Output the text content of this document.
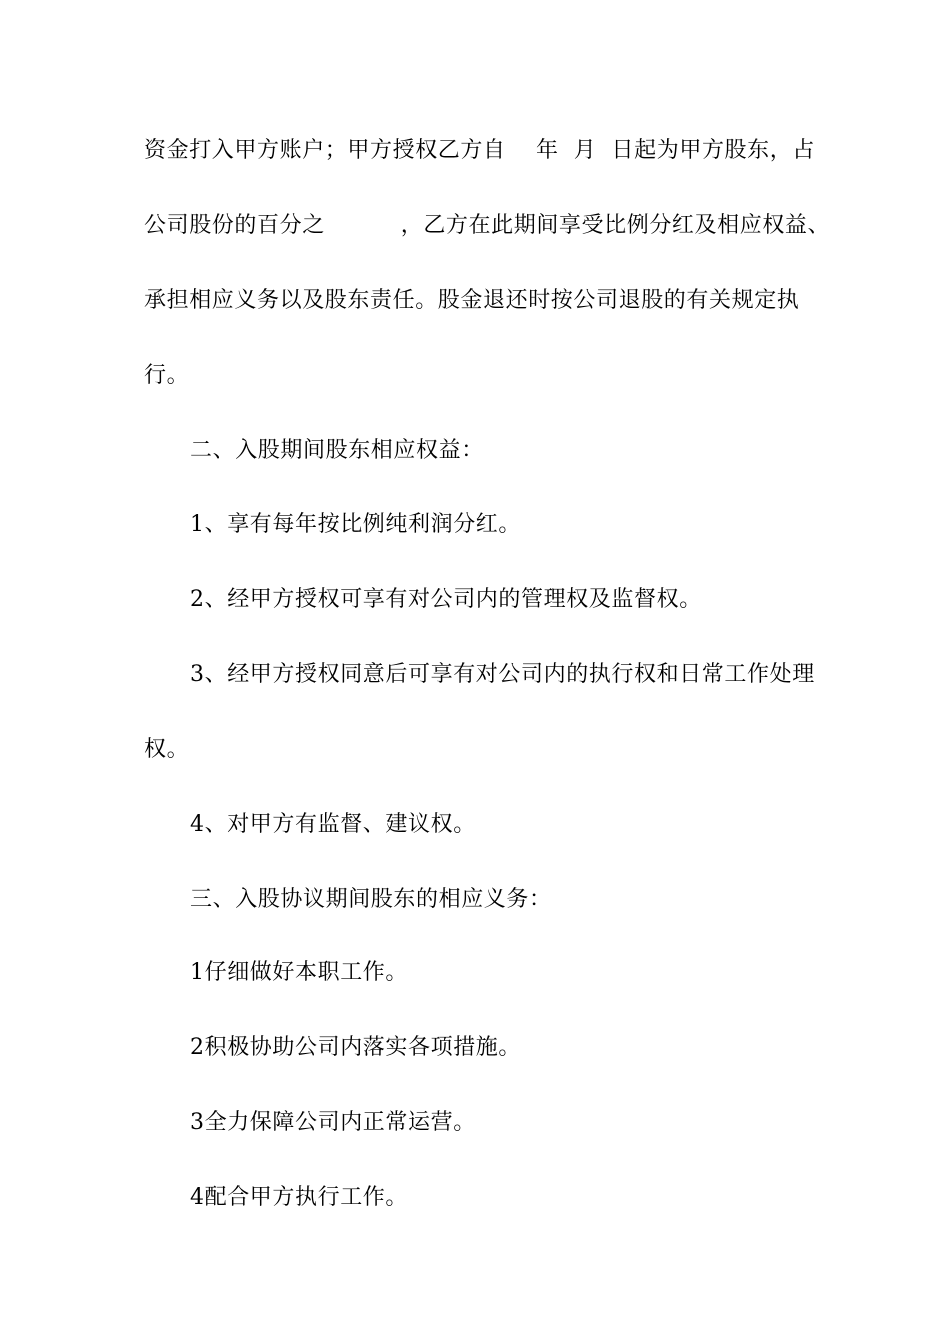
资金打入甲方账户；甲方授权乙方自    年  月  日起为甲方股东，占
公司股份的百分之          ，乙方在此期间享受比例分红及相应权益、
承担相应义务以及股东责任。股金退还时按公司退股的有关规定执
行。
二、入股期间股东相应权益：
1、享有每年按比例纯利润分红。
2、经甲方授权可享有对公司内的管理权及监督权。
3、经甲方授权同意后可享有对公司内的执行权和日常工作处理
权。
4、对甲方有监督、建议权。
三、入股协议期间股东的相应义务：
1仔细做好本职工作。
2积极协助公司内落实各项措施。
3全力保障公司内正常运营。
4配合甲方执行工作。
